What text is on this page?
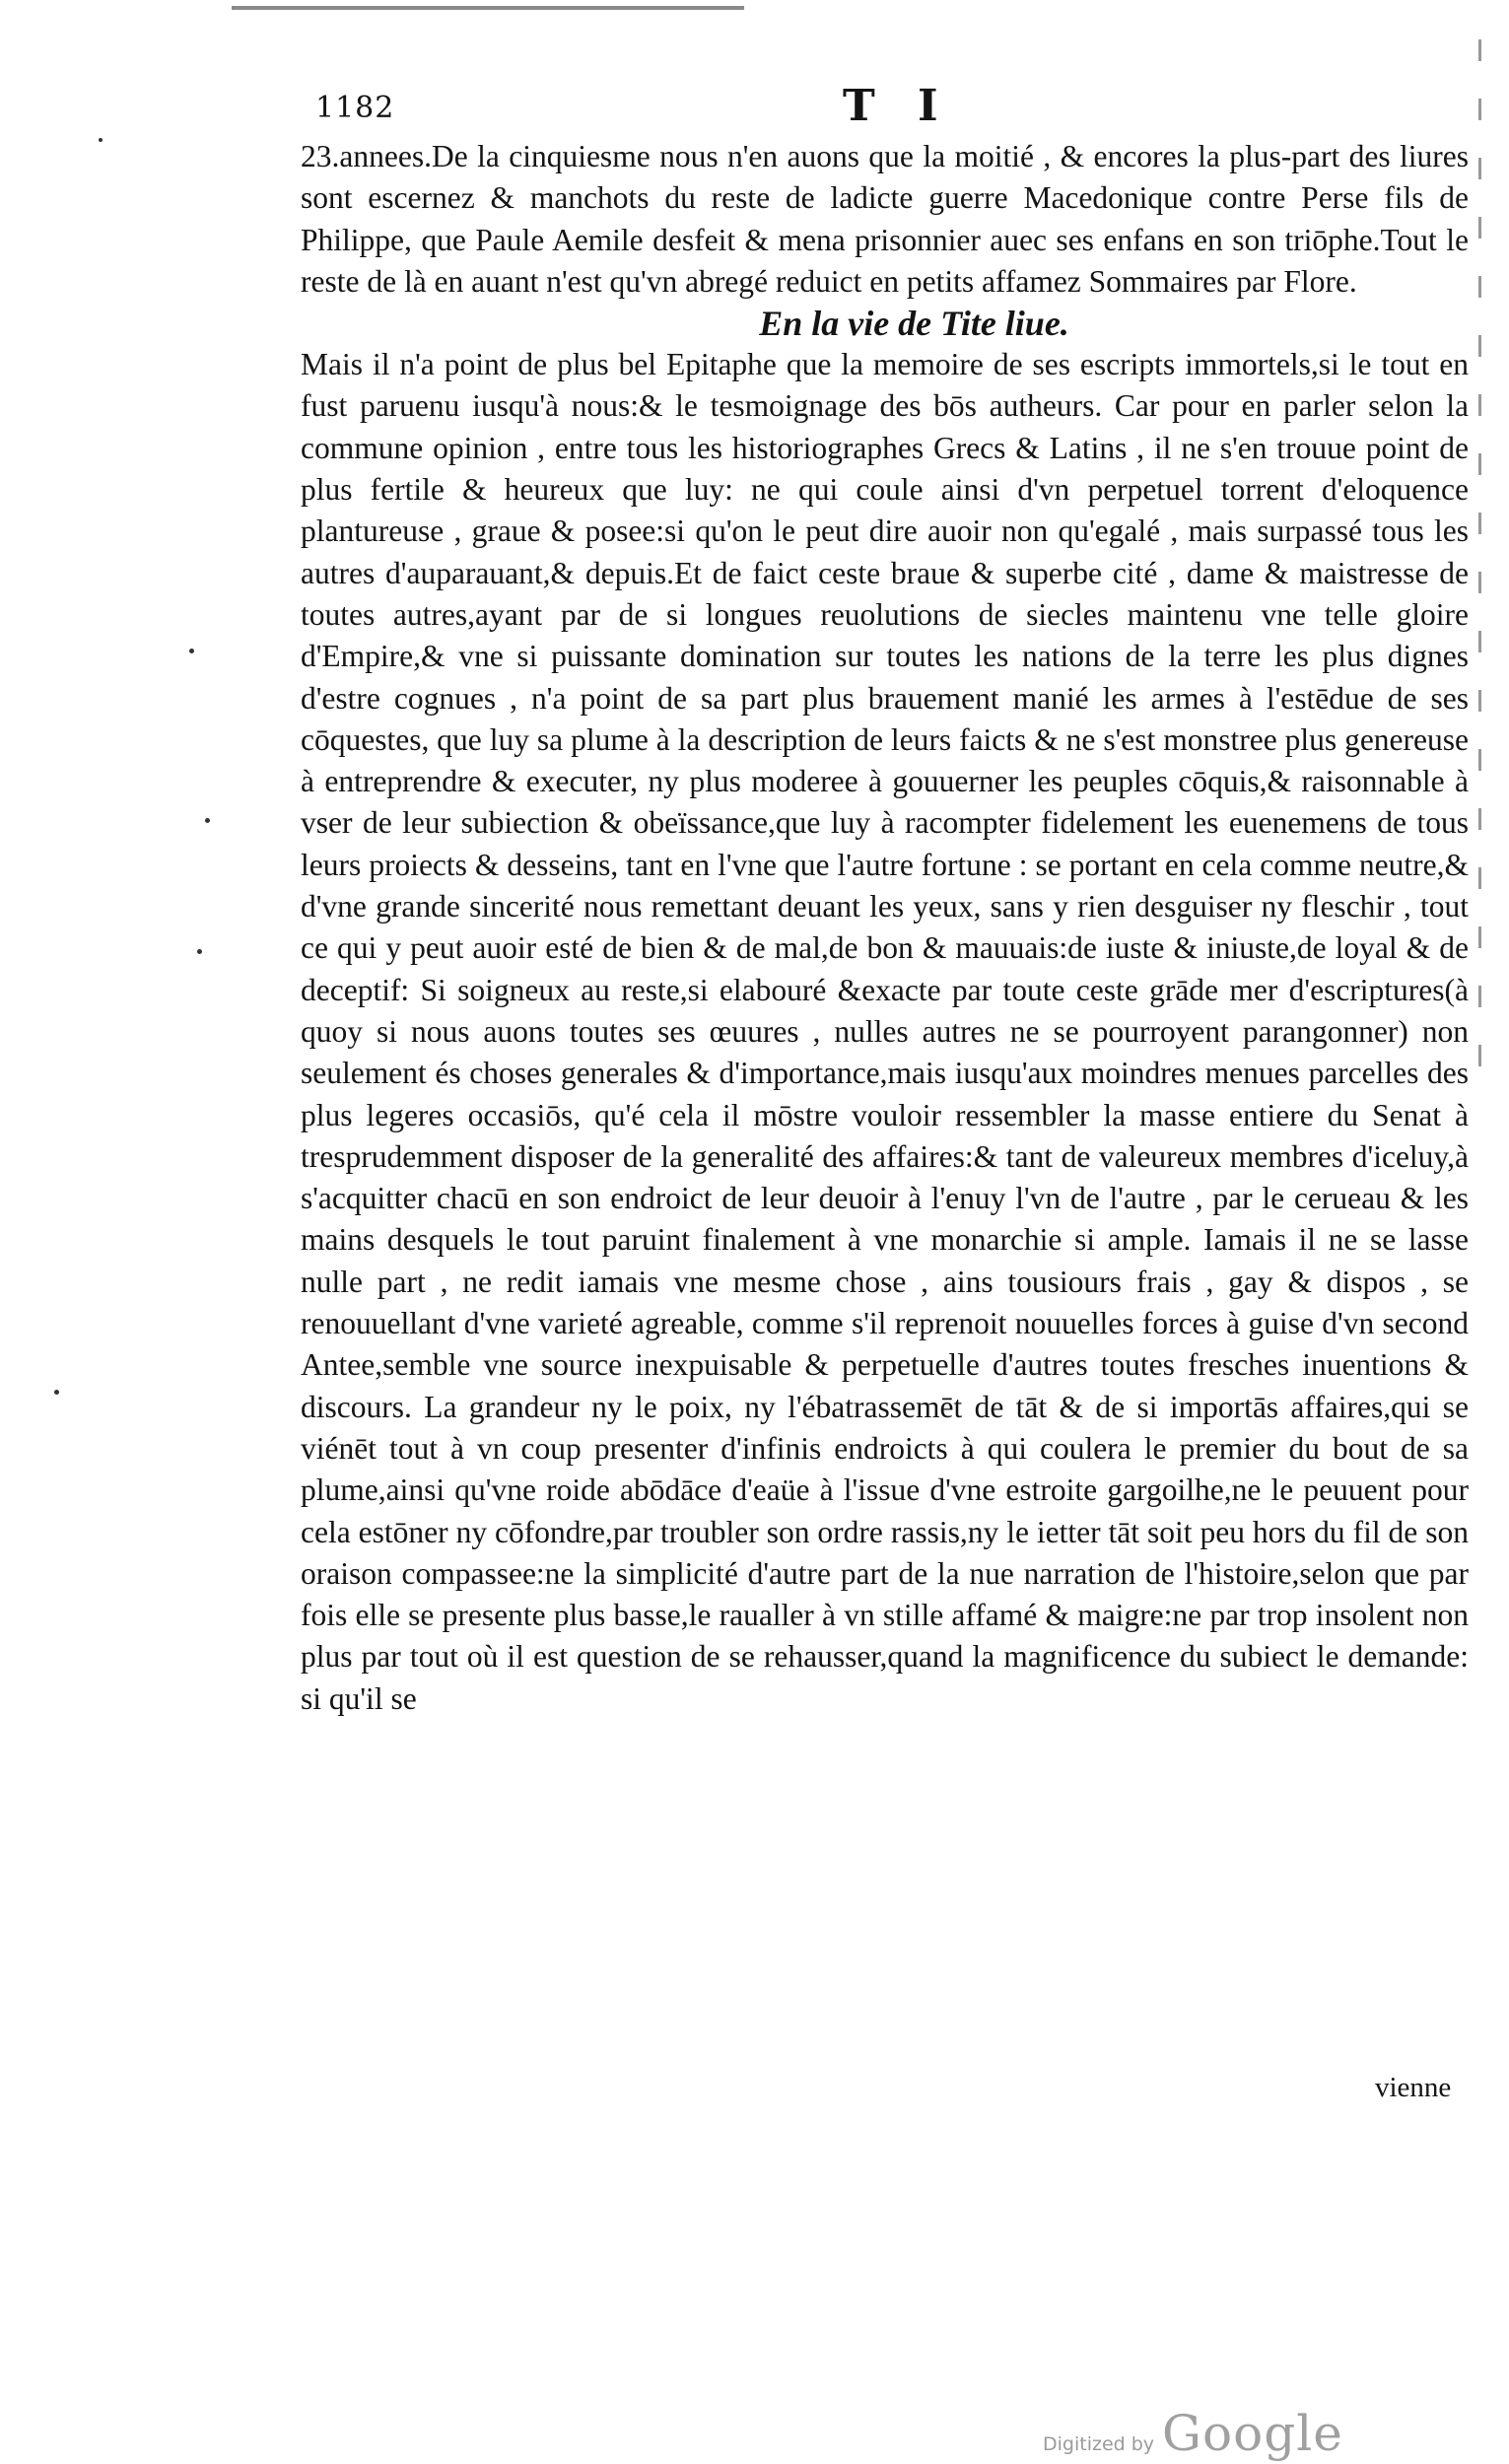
1182	T I

23.annees.De la cinquiesme nous n'en auons que la moitié , & encores la plus-part des liures sont escernez & manchots du reste de ladicte guerre Macedonique contre Perse fils de Philippe, que Paule Aemile desfeit & mena prisonnier auec ses enfans en son triōphe.Tout le reste de là en auant n'est qu'vn abregé reduict en petits affamez Sommaires par Flore.

En la vie de Tite liue.

Mais il n'a point de plus bel Epitaphe que la memoire de ses escripts immortels,si le tout en fust paruenu iusqu'à nous:& le tesmoignage des bōs autheurs. Car pour en parler selon la commune opinion , entre tous les historiographes Grecs & Latins , il ne s'en trouue point de plus fertile & heureux que luy: ne qui coule ainsi d'vn perpetuel torrent d'eloquence plantureuse , graue & posee:si qu'on le peut dire auoir non qu'egalé , mais surpassé tous les autres d'auparauant,& depuis.Et de faict ceste braue & superbe cité , dame & maistresse de toutes autres,ayant par de si longues reuolutions de siecles maintenu vne telle gloire d'Empire,& vne si puissante domination sur toutes les nations de la terre les plus dignes d'estre cognues , n'a point de sa part plus brauement manié les armes à l'estēdue de ses cōquestes, que luy sa plume à la description de leurs faicts & ne s'est monstree plus genereuse à entreprendre & executer, ny plus moderee à gouuerner les peuples cōquis,& raisonnable à vser de leur subiection & obeïssance,que luy à racompter fidelement les euenemens de tous leurs proiects & desseins, tant en l'vne que l'autre fortune : se portant en cela comme neutre,& d'vne grande sincerité nous remettant deuant les yeux, sans y rien desguiser ny fleschir , tout ce qui y peut auoir esté de bien & de mal,de bon & mauuais:de iuste & iniuste,de loyal & de deceptif: Si soigneux au reste,si elabouré &exacte par toute ceste grāde mer d'escriptures(à quoy si nous auons toutes ses œuures , nulles autres ne se pourroyent parangonner) non seulement és choses generales & d'importance,mais iusqu'aux moindres menues parcelles des plus legeres occasiōs, qu'é cela il mōstre vouloir ressembler la masse entiere du Senat à tresprudemment disposer de la generalité des affaires:& tant de valeureux membres d'iceluy,à s'acquitter chacū en son endroict de leur deuoir à l'enuy l'vn de l'autre , par le cerueau & les mains desquels le tout paruint finalement à vne monarchie si ample. Iamais il ne se lasse nulle part , ne redit iamais vne mesme chose , ains tousiours frais , gay & dispos , se renouuellant d'vne varieté agreable, comme s'il reprenoit nouuelles forces à guise d'vn second Antee,semble vne source inexpuisable & perpetuelle d'autres toutes fresches inuentions & discours. La grandeur ny le poix, ny l'ébatrassemēt de tāt & de si importās affaires,qui se viénēt tout à vn coup presenter d'infinis endroicts à qui coulera le premier du bout de sa plume,ainsi qu'vne roide abōdāce d'eaüe à l'issue d'vne estroite gargoilhe,ne le peuuent pour cela estōner ny cōfondre,par troubler son ordre rassis,ny le ietter tāt soit peu hors du fil de son oraison compassee:ne la simplicité d'autre part de la nue narration de l'histoire,selon que par fois elle se presente plus basse,le raualler à vn stille affamé & maigre:ne par trop insolent non plus par tout où il est question de se rehausser,quand la magnificence du subiect le demande: si qu'il se

vienne
Digitized by Google
